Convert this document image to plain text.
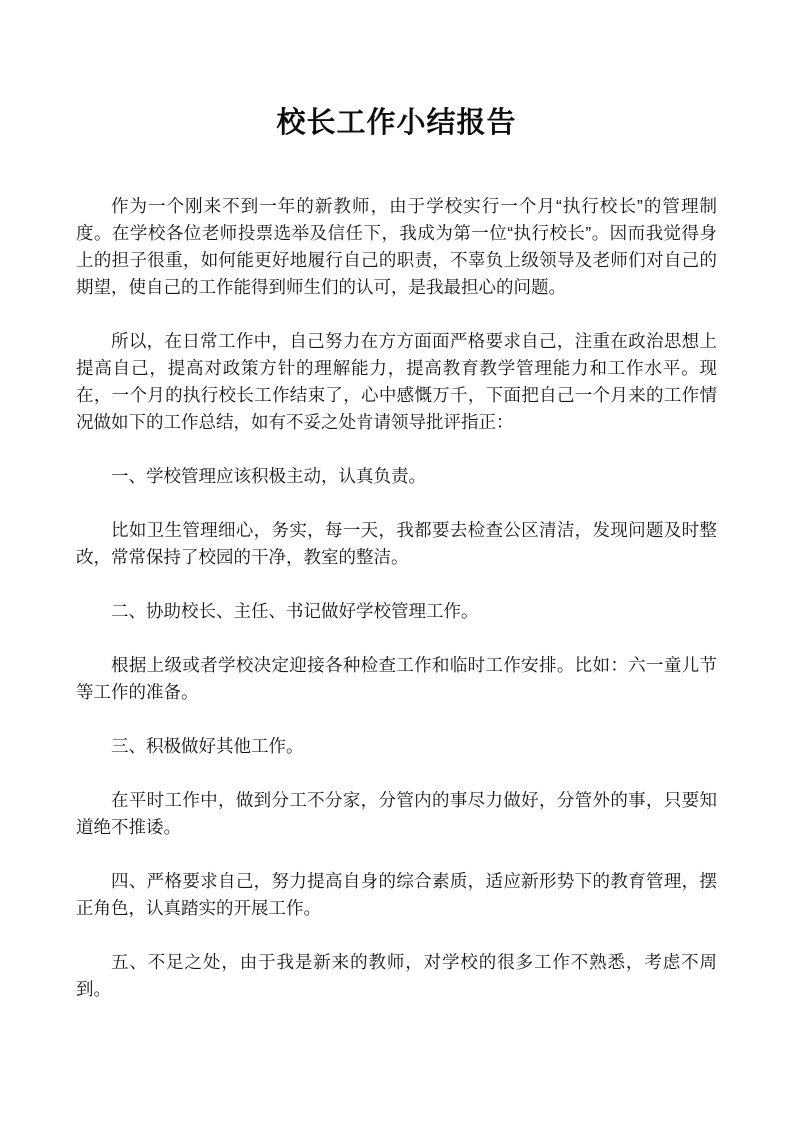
校长工作小结报告

作为一个刚来不到一年的新教师，由于学校实行一个月“执行校长”的管理制度。在学校各位老师投票选举及信任下，我成为第一位“执行校长”。因而我觉得身上的担子很重，如何能更好地履行自己的职责，不辜负上级领导及老师们对自己的期望，使自己的工作能得到师生们的认可，是我最担心的问题。

所以，在日常工作中，自己努力在方方面面严格要求自己，注重在政治思想上提高自己，提高对政策方针的理解能力，提高教育教学管理能力和工作水平。现在，一个月的执行校长工作结束了，心中感慨万千，下面把自己一个月来的工作情况做如下的工作总结，如有不妥之处肯请领导批评指正：

一、学校管理应该积极主动，认真负责。

比如卫生管理细心，务实，每一天，我都要去检查公区清洁，发现问题及时整改，常常保持了校园的干净，教室的整洁。

二、协助校长、主任、书记做好学校管理工作。

根据上级或者学校决定迎接各种检查工作和临时工作安排。比如：六一童儿节等工作的准备。

三、积极做好其他工作。

在平时工作中，做到分工不分家，分管内的事尽力做好，分管外的事，只要知道绝不推诿。

四、严格要求自己，努力提高自身的综合素质，适应新形势下的教育管理，摆正角色，认真踏实的开展工作。

五、不足之处，由于我是新来的教师，对学校的很多工作不熟悉，考虑不周到。
